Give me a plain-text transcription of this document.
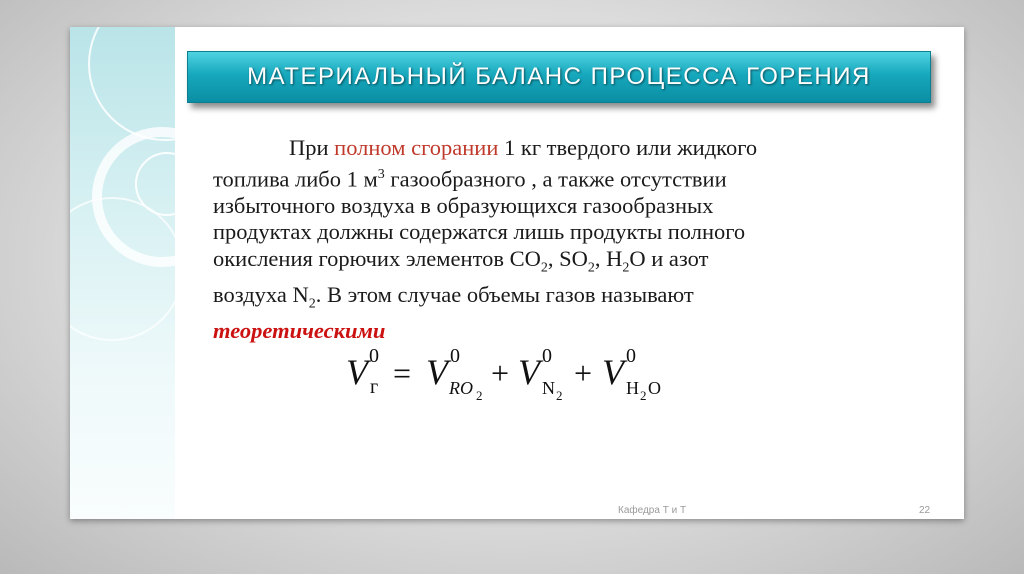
МАТЕРИАЛЬНЫЙ БАЛАНС ПРОЦЕССА ГОРЕНИЯ
При полном сгорании 1 кг твердого или жидкого
топлива либо 1 $м^3$ газообразного , а также отсутствии
избыточного воздуха в образующихся газообразных
продуктах должны содержатся лишь продукты полного
окисления горючих элементов $CO_2$, $SO_2$, $H_2O$ и азот
воздуха $N_2$. В этом случае объемы газов называют
теоретическими
V 0
г = V 0
RO 2
+ V 0
N 2
+ V 0
H 2 O
Кафедра Т и Т	22
